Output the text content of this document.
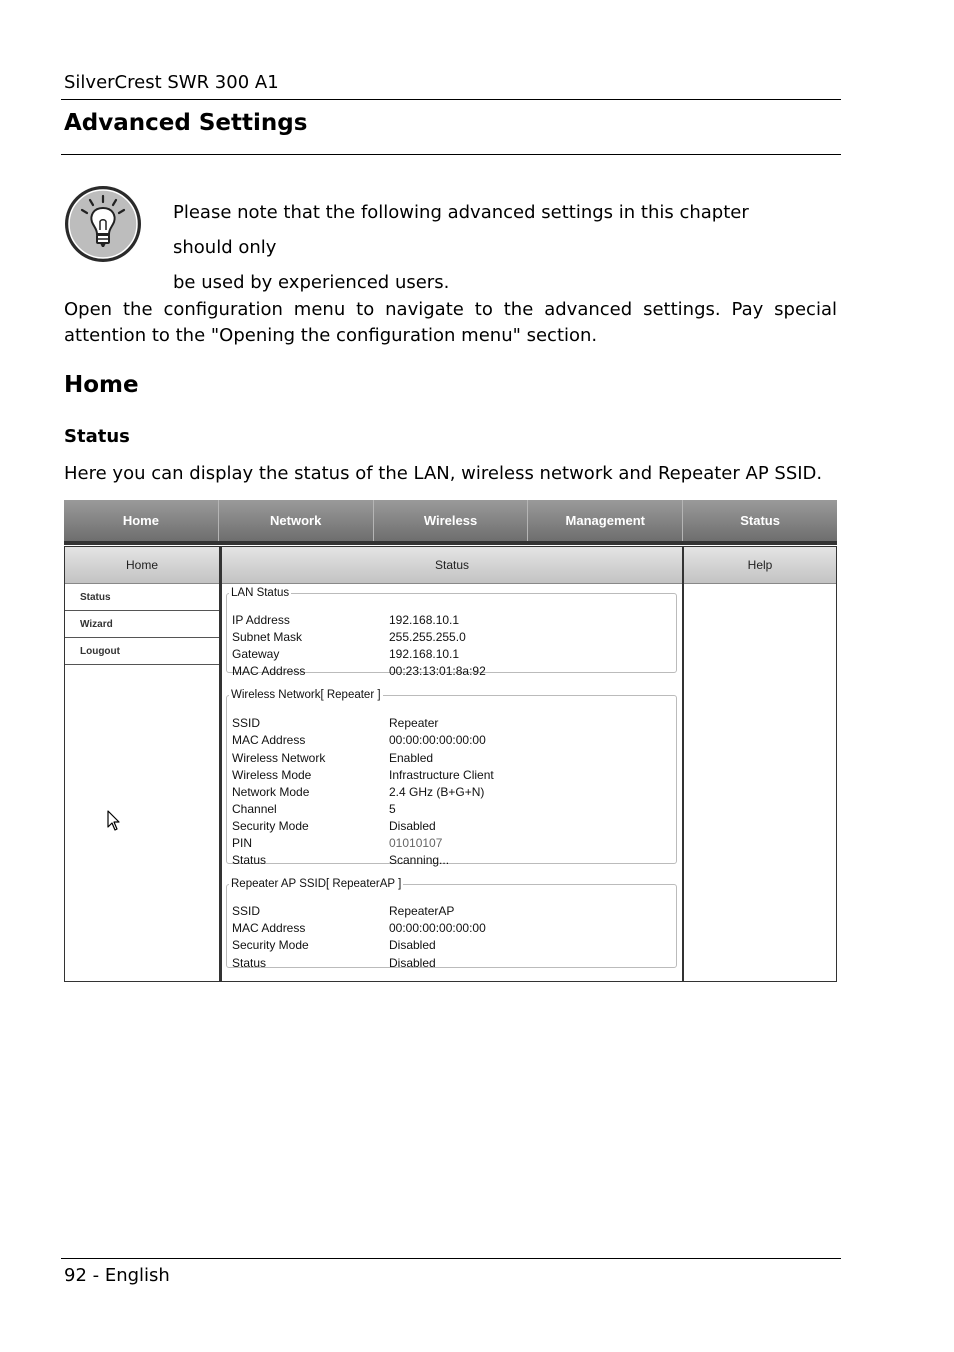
SilverCrest SWR 300 A1
Advanced Settings
Please note that the following advanced settings in this chapter should only
be used by experienced users.
Open the configuration menu to navigate to the advanced settings. Pay special attention to the "Opening the configuration menu" section.
Home
Status
Here you can display the status of the LAN, wireless network and Repeater AP SSID.
Home	Network	Wireless	Management	Status
Home
Status
Wizard
Lougout
Status
LAN Status
IP Address	192.168.10.1
Subnet Mask	255.255.255.0
Gateway	192.168.10.1
MAC Address	00:23:13:01:8a:92
Wireless Network[ Repeater ]
SSID	Repeater
MAC Address	00:00:00:00:00:00
Wireless Network	Enabled
Wireless Mode	Infrastructure Client
Network Mode	2.4 GHz (B+G+N)
Channel	5
Security Mode	Disabled
PIN	01010107
Status	Scanning...
Repeater AP SSID[ RepeaterAP ]
SSID	RepeaterAP
MAC Address	00:00:00:00:00:00
Security Mode	Disabled
Status	Disabled
Help
92 - English
